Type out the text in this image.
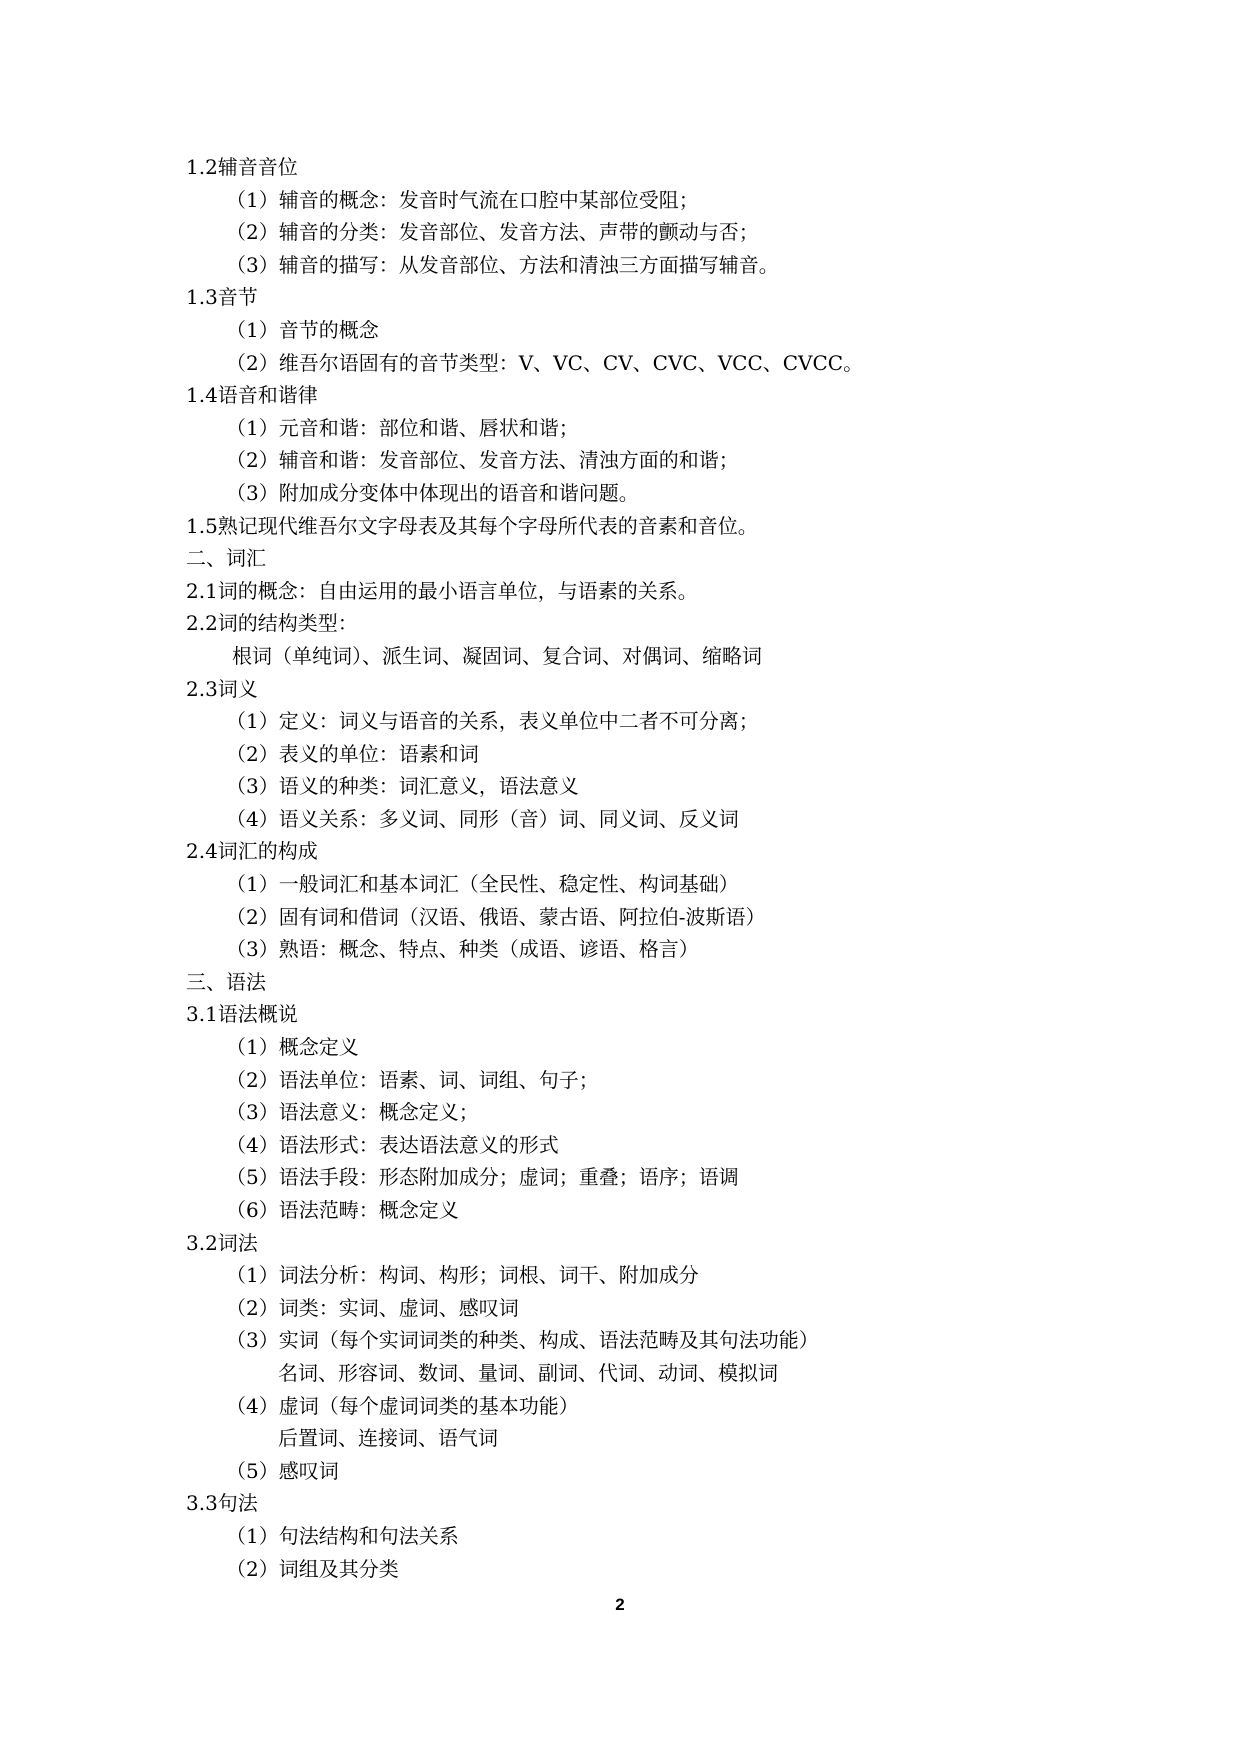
1.2辅音音位
（1）辅音的概念：发音时气流在口腔中某部位受阻；
（2）辅音的分类：发音部位、发音方法、声带的颤动与否；
（3）辅音的描写：从发音部位、方法和清浊三方面描写辅音。
1.3音节
（1）音节的概念
（2）维吾尔语固有的音节类型：V、VC、CV、CVC、VCC、CVCC。
1.4语音和谐律
（1）元音和谐：部位和谐、唇状和谐；
（2）辅音和谐：发音部位、发音方法、清浊方面的和谐；
（3）附加成分变体中体现出的语音和谐问题。
1.5熟记现代维吾尔文字母表及其每个字母所代表的音素和音位。
二、词汇
2.1词的概念：自由运用的最小语言单位，与语素的关系。
2.2词的结构类型：
根词（单纯词）、派生词、凝固词、复合词、对偶词、缩略词
2.3词义
（1）定义：词义与语音的关系，表义单位中二者不可分离；
（2）表义的单位：语素和词
（3）语义的种类：词汇意义，语法意义
（4）语义关系：多义词、同形（音）词、同义词、反义词
2.4词汇的构成
（1）一般词汇和基本词汇（全民性、稳定性、构词基础）
（2）固有词和借词（汉语、俄语、蒙古语、阿拉伯-波斯语）
（3）熟语：概念、特点、种类（成语、谚语、格言）
三、语法
3.1语法概说
（1）概念定义
（2）语法单位：语素、词、词组、句子；
（3）语法意义：概念定义；
（4）语法形式：表达语法意义的形式
（5）语法手段：形态附加成分；虚词；重叠；语序；语调
（6）语法范畴：概念定义
3.2词法
（1）词法分析：构词、构形；词根、词干、附加成分
（2）词类：实词、虚词、感叹词
（3）实词（每个实词词类的种类、构成、语法范畴及其句法功能）
名词、形容词、数词、量词、副词、代词、动词、模拟词
（4）虚词（每个虚词词类的基本功能）
后置词、连接词、语气词
（5）感叹词
3.3句法
（1）句法结构和句法关系
（2）词组及其分类
2
